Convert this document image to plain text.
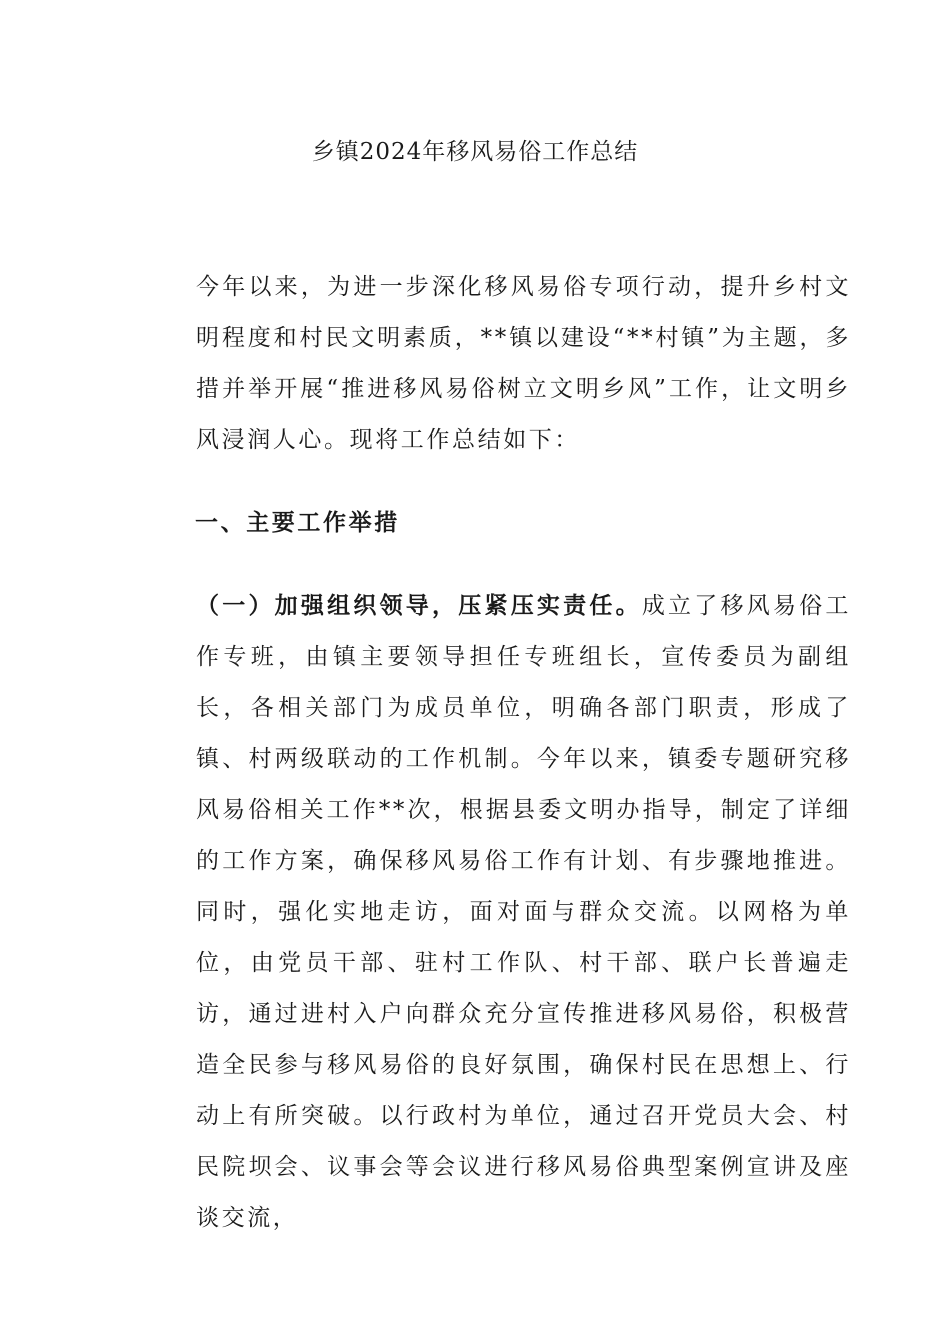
乡镇2024年移风易俗工作总结

今年以来，为进一步深化移风易俗专项行动，提升乡村文明程度和村民文明素质，**镇以建设“**村镇”为主题，多措并举开展“推进移风易俗树立文明乡风”工作，让文明乡风浸润人心。现将工作总结如下：

一、主要工作举措

（一）加强组织领导，压紧压实责任。成立了移风易俗工作专班，由镇主要领导担任专班组长，宣传委员为副组长，各相关部门为成员单位，明确各部门职责，形成了镇、村两级联动的工作机制。今年以来，镇委专题研究移风易俗相关工作**次，根据县委文明办指导，制定了详细的工作方案，确保移风易俗工作有计划、有步骤地推进。同时，强化实地走访，面对面与群众交流。以网格为单位，由党员干部、驻村工作队、村干部、联户长普遍走访，通过进村入户向群众充分宣传推进移风易俗，积极营造全民参与移风易俗的良好氛围，确保村民在思想上、行动上有所突破。以行政村为单位，通过召开党员大会、村民院坝会、议事会等会议进行移风易俗典型案例宣讲及座谈交流，
